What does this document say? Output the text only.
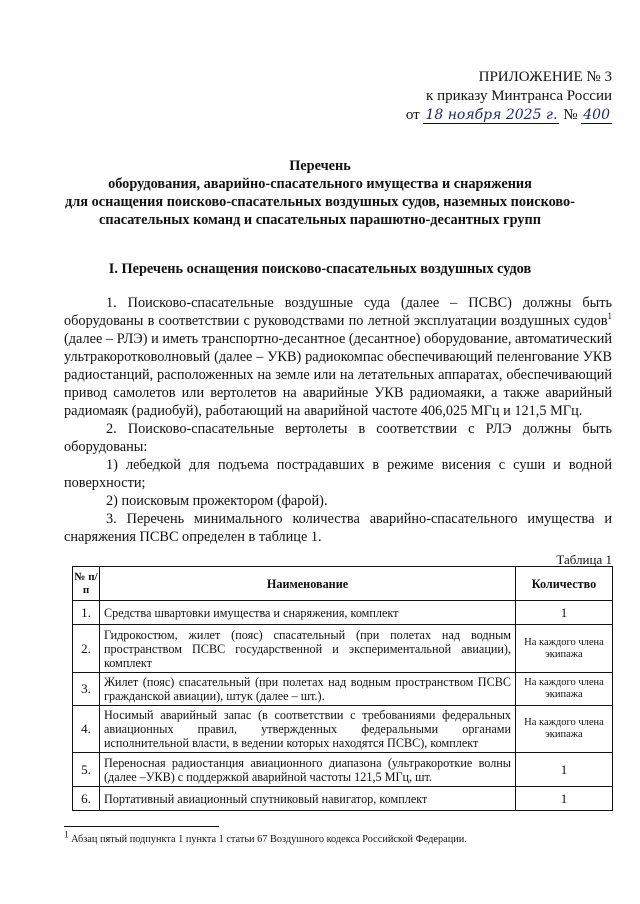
ПРИЛОЖЕНИЕ № 3
к приказу Минтранса России
от 18 ноября 2025 г. № 400
Перечень
оборудования, аварийно-спасательного имущества и снаряжения
для оснащения поисково-спасательных воздушных судов, наземных поисково-
спасательных команд и спасательных парашютно-десантных групп
I. Перечень оснащения поисково-спасательных воздушных судов

1. Поисково-спасательные воздушные суда (далее – ПСВС) должны быть оборудованы в соответствии с руководствами по летной эксплуатации воздушных судов$^1$ (далее – РЛЭ) и иметь транспортно-десантное (десантное) оборудование, автоматический ультракоротковолновый (далее – УКВ) радиокомпас обеспечивающий пеленгование УКВ радиостанций, расположенных на земле или на летательных аппаратах, обеспечивающий привод самолетов или вертолетов на аварийные УКВ радиомаяки, а также аварийный радиомаяк (радиобуй), работающий на аварийной частоте 406,025 МГц и 121,5 МГц.

2. Поисково-спасательные вертолеты в соответствии с РЛЭ должны быть оборудованы:

1) лебедкой для подъема пострадавших в режиме висения с суши и водной поверхности;

2) поисковым прожектором (фарой).

3. Перечень минимального количества аварийно-спасательного имущества и снаряжения ПСВС определен в таблице 1.

Таблица 1
№ п/п	Наименование	Количество
1.	Средства швартовки имущества и снаряжения, комплект	1
2.	Гидрокостюм, жилет (пояс) спасательный (при полетах над водным пространством ПСВС государственной и экспериментальной авиации), комплект	На каждого члена экипажа
3.	Жилет (пояс) спасательный (при полетах над водным пространством ПСВС гражданской авиации), штук (далее – шт.).	На каждого члена экипажа
4.	Носимый аварийный запас (в соответствии с требованиями федеральных авиационных правил, утвержденных федеральными органами исполнительной власти, в ведении которых находятся ПСВС), комплект	На каждого члена экипажа
5.	Переносная радиостанция авиационного диапазона (ультракороткие волны (далее –УКВ) с поддержкой аварийной частоты 121,5 МГц, шт.	1
6.	Портативный авиационный спутниковый навигатор, комплект	1
$^1$ Абзац пятый подпункта 1 пункта 1 статьи 67 Воздушного кодекса Российской Федерации.
